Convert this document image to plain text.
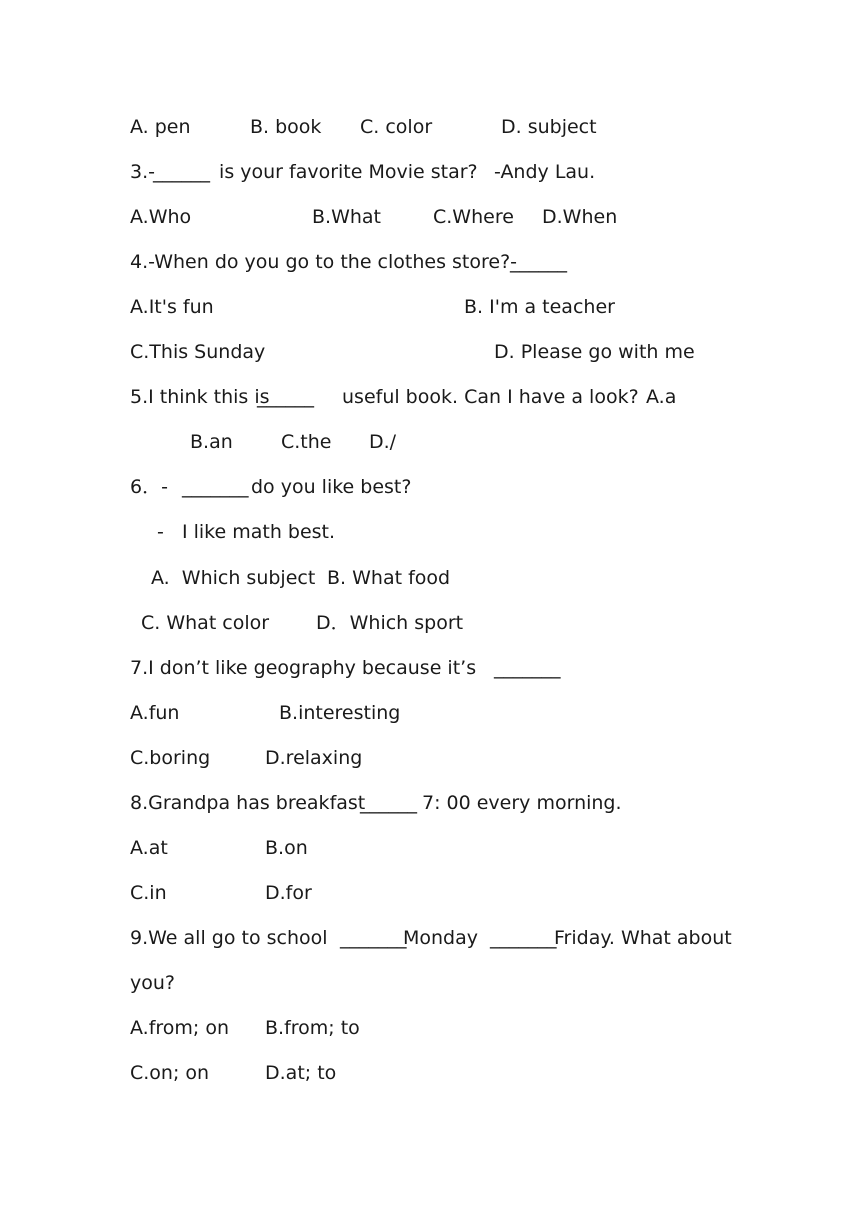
A. pen	B. book C. color	D. subject
3.-
______ is your favorite Movie star? -Andy Lau.
A.Who	B.What	C.Where D.When
4.-When do you go to the clothes store?-
______
A.It's fun	B. I'm a teacher
C.This Sunday	D. Please go with me
5.I think this is
______ useful book. Can I have a look? A.a
B.an	C.the D./
6．- _______ do you like best?
-   I like math best.
A.  Which subject B. What food
C. What color D．Which sport
7.I don’t like geography because it’s _______
A.fun	B.interesting
C.boring	D.relaxing
8.Grandpa has breakfast
______ 7: 00 every morning.
A.at	B.on
C.in	D.for
9.We all go to school _______
Monday _______
Friday. What about
you?
A.from; on B.from; to
C.on; on	D.at; to
